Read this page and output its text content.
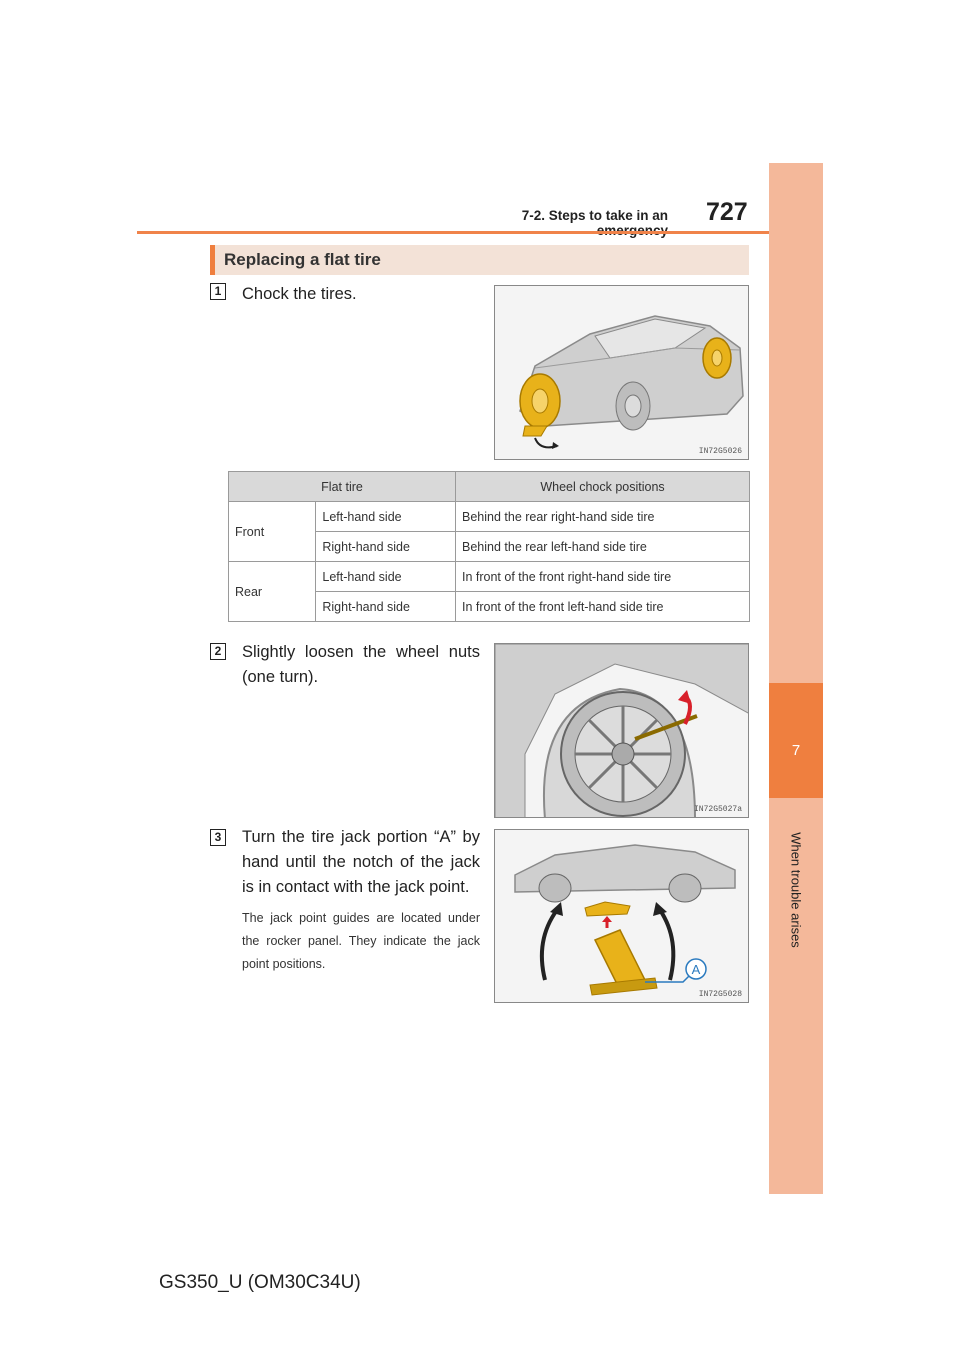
7-2. Steps to take in an 727
7
When trouble arises
Replacing a flat tire
1 Chock the tires.
IN72G5026
Flat tire		Wheel chock positions
Front	Left-hand side	Behind the rear right-hand side tire
	Right-hand side	Behind the rear left-hand side tire
Rear	Left-hand side	In front of the front right-hand side tire
	Right-hand side	In front of the front left-hand side tire
2 Slightly loosen the wheel nuts (one turn).
IN72G5027a
3 Turn the tire jack portion “A” by hand until the notch of the jack is in contact with the jack point.
The jack point guides are located under the rocker panel. They indicate the jack point positions.	A
IN72G5028
GS350_U (OM30C34U)
